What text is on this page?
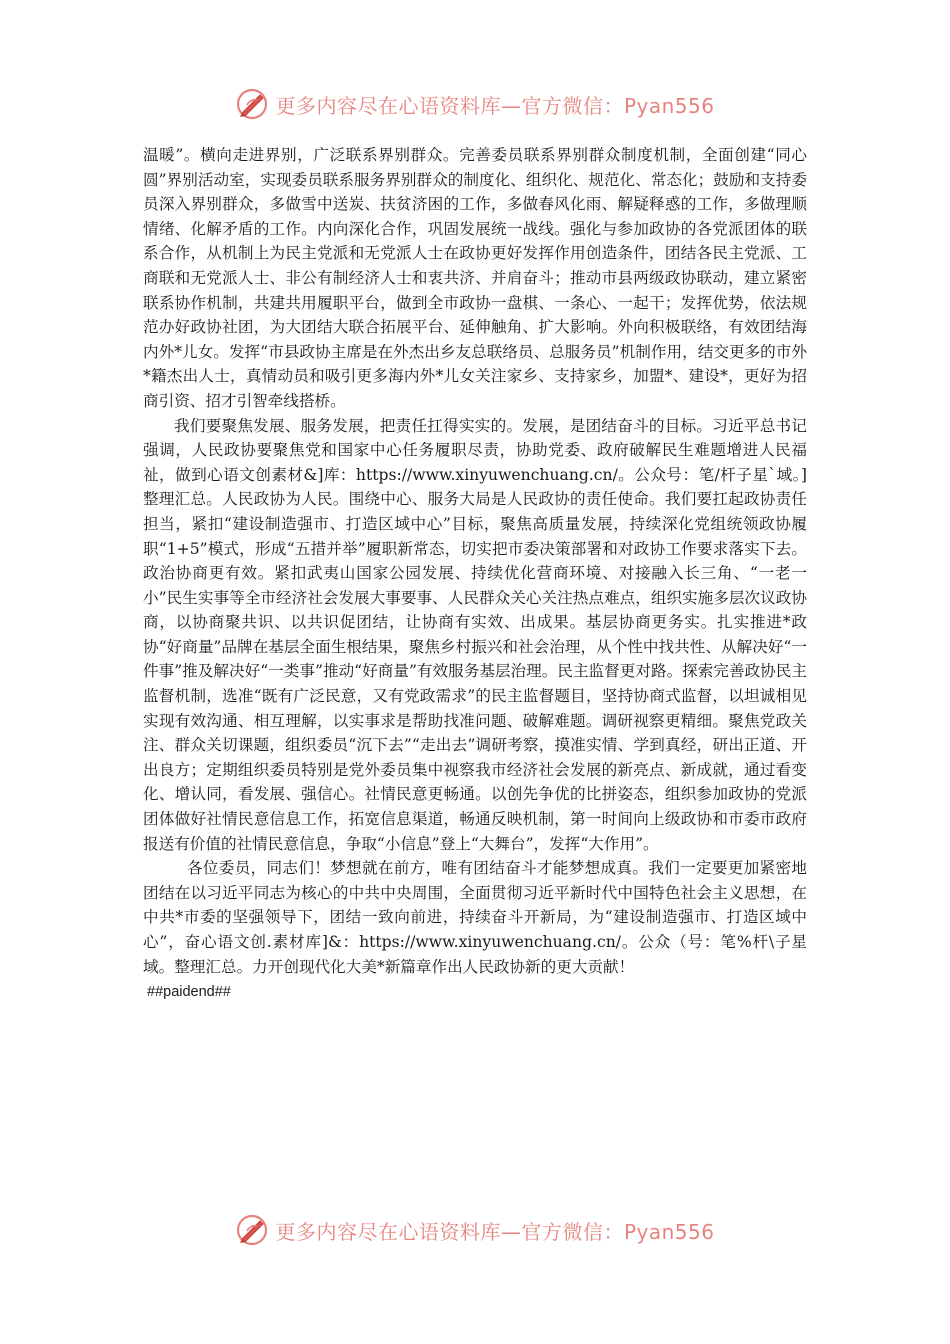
更多内容尽在心语资料库—官方微信：Pyan556

温暖”。横向走进界别，广泛联系界别群众。完善委员联系界别群众制度机制，全面创建“同心圆”界别活动室，实现委员联系服务界别群众的制度化、组织化、规范化、常态化；鼓励和支持委员深入界别群众，多做雪中送炭、扶贫济困的工作，多做春风化雨、解疑释惑的工作，多做理顺情绪、化解矛盾的工作。内向深化合作，巩固发展统一战线。强化与参加政协的各党派团体的联系合作，从机制上为民主党派和无党派人士在政协更好发挥作用创造条件，团结各民主党派、工商联和无党派人士、非公有制经济人士和衷共济、并肩奋斗；推动市县两级政协联动，建立紧密联系协作机制，共建共用履职平台，做到全市政协一盘棋、一条心、一起干；发挥优势，依法规范办好政协社团，为大团结大联合拓展平台、延伸触角、扩大影响。外向积极联络，有效团结海内外*儿女。发挥“市县政协主席是在外杰出乡友总联络员、总服务员”机制作用，结交更多的市外*籍杰出人士，真情动员和吸引更多海内外*儿女关注家乡、支持家乡，加盟*、建设*，更好为招商引资、招才引智牵线搭桥。

我们要聚焦发展、服务发展，把责任扛得实实的。发展，是团结奋斗的目标。习近平总书记强调，人民政协要聚焦党和国家中心任务履职尽责，协助党委、政府破解民生难题增进人民福祉，做到心语文创素材&]库：https://www.xinyuwenchuang.cn/。公众号：笔/杆子星`域。]整理汇总。人民政协为人民。围绕中心、服务大局是人民政协的责任使命。我们要扛起政协责任担当，紧扣“建设制造强市、打造区域中心”目标，聚焦高质量发展，持续深化党组统领政协履职“1+5”模式，形成“五措并举”履职新常态，切实把市委决策部署和对政协工作要求落实下去。政治协商更有效。紧扣武夷山国家公园发展、持续优化营商环境、对接融入长三角、“一老一小”民生实事等全市经济社会发展大事要事、人民群众关心关注热点难点，组织实施多层次议政协商，以协商聚共识、以共识促团结，让协商有实效、出成果。基层协商更务实。扎实推进*政协“好商量”品牌在基层全面生根结果，聚焦乡村振兴和社会治理，从个性中找共性、从解决好“一件事”推及解决好“一类事”推动“好商量”有效服务基层治理。民主监督更对路。探索完善政协民主监督机制，选准“既有广泛民意，又有党政需求”的民主监督题目，坚持协商式监督，以坦诚相见实现有效沟通、相互理解，以实事求是帮助找准问题、破解难题。调研视察更精细。聚焦党政关注、群众关切课题，组织委员“沉下去”“走出去”调研考察，摸准实情、学到真经，研出正道、开出良方；定期组织委员特别是党外委员集中视察我市经济社会发展的新亮点、新成就，通过看变化、增认同，看发展、强信心。社情民意更畅通。以创先争优的比拼姿态，组织参加政协的党派团体做好社情民意信息工作，拓宽信息渠道，畅通反映机制，第一时间向上级政协和市委市政府报送有价值的社情民意信息，争取“小信息”登上“大舞台”，发挥“大作用”。

各位委员，同志们！梦想就在前方，唯有团结奋斗才能梦想成真。我们一定要更加紧密地团结在以习近平同志为核心的中共中央周围，全面贯彻习近平新时代中国特色社会主义思想，在中共*市委的坚强领导下，团结一致向前进，持续奋斗开新局，为“建设制造强市、打造区域中心”，奋心语文创.素材库]&：https://www.xinyuwenchuang.cn/。公众（号：笔%杆\子星域。整理汇总。力开创现代化大美*新篇章作出人民政协新的更大贡献！

##paidend##

更多内容尽在心语资料库—官方微信：Pyan556
